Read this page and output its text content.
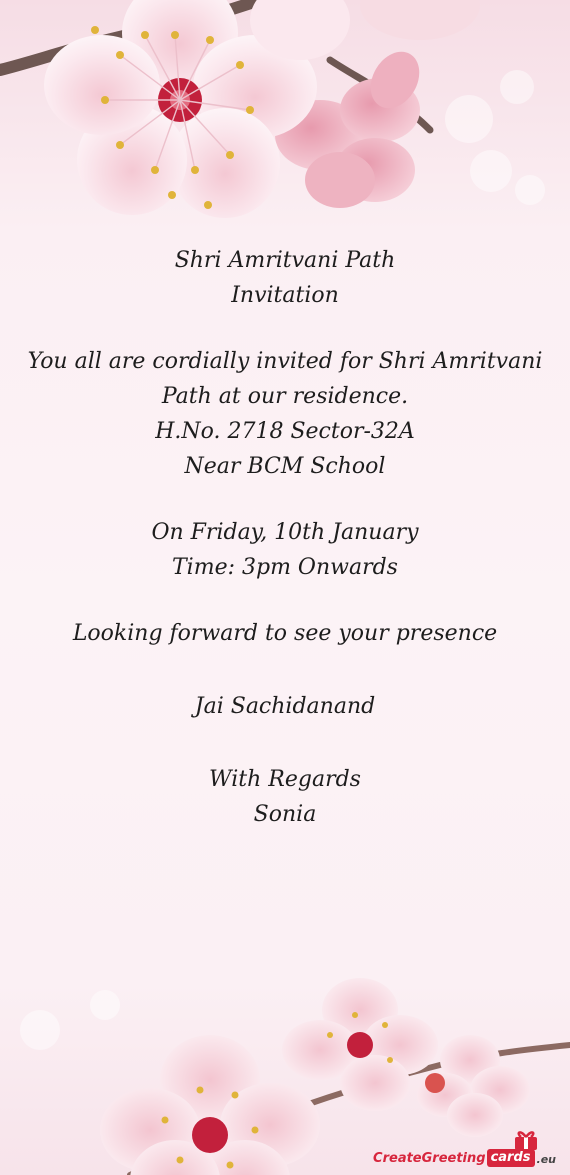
Shri Amritvani Path
Invitation
You all are cordially invited for Shri Amritvani
Path at our residence.
H.No. 2718 Sector-32A
Near BCM School
On Friday, 10th January
Time: 3pm Onwards
Looking forward to see your presence
Jai Sachidanand
With Regards
Sonia
CreateGreeting cards .eu
